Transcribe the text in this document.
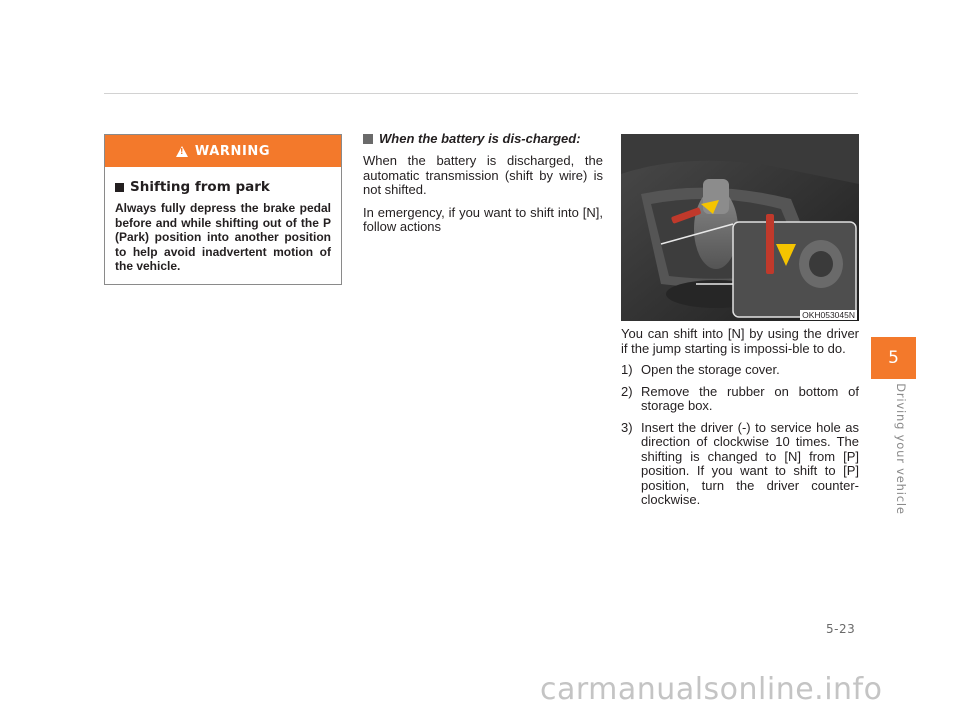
!
WARNING
Shifting from park
Always fully depress the brake pedal before and while shifting out of the P (Park) position into another position to help avoid inadvertent motion of the vehicle.
When the battery is dis-charged:

When the battery is discharged, the automatic transmission (shift by wire) is not shifted.

In emergency, if you want to shift into [N], follow actions

OKH053045N

You can shift into [N] by using the driver if the jump starting is impossi-ble to do.

1) Open the storage cover.
2) Remove the rubber on bottom of storage box.
3) Insert the driver (-) to service hole as direction of clockwise 10 times. The shifting is changed to [N] from [P] position. If you want to shift to [P] position, turn the driver counter-clockwise.
5
Driving your vehicle
5-23
carmanualsonline.info
